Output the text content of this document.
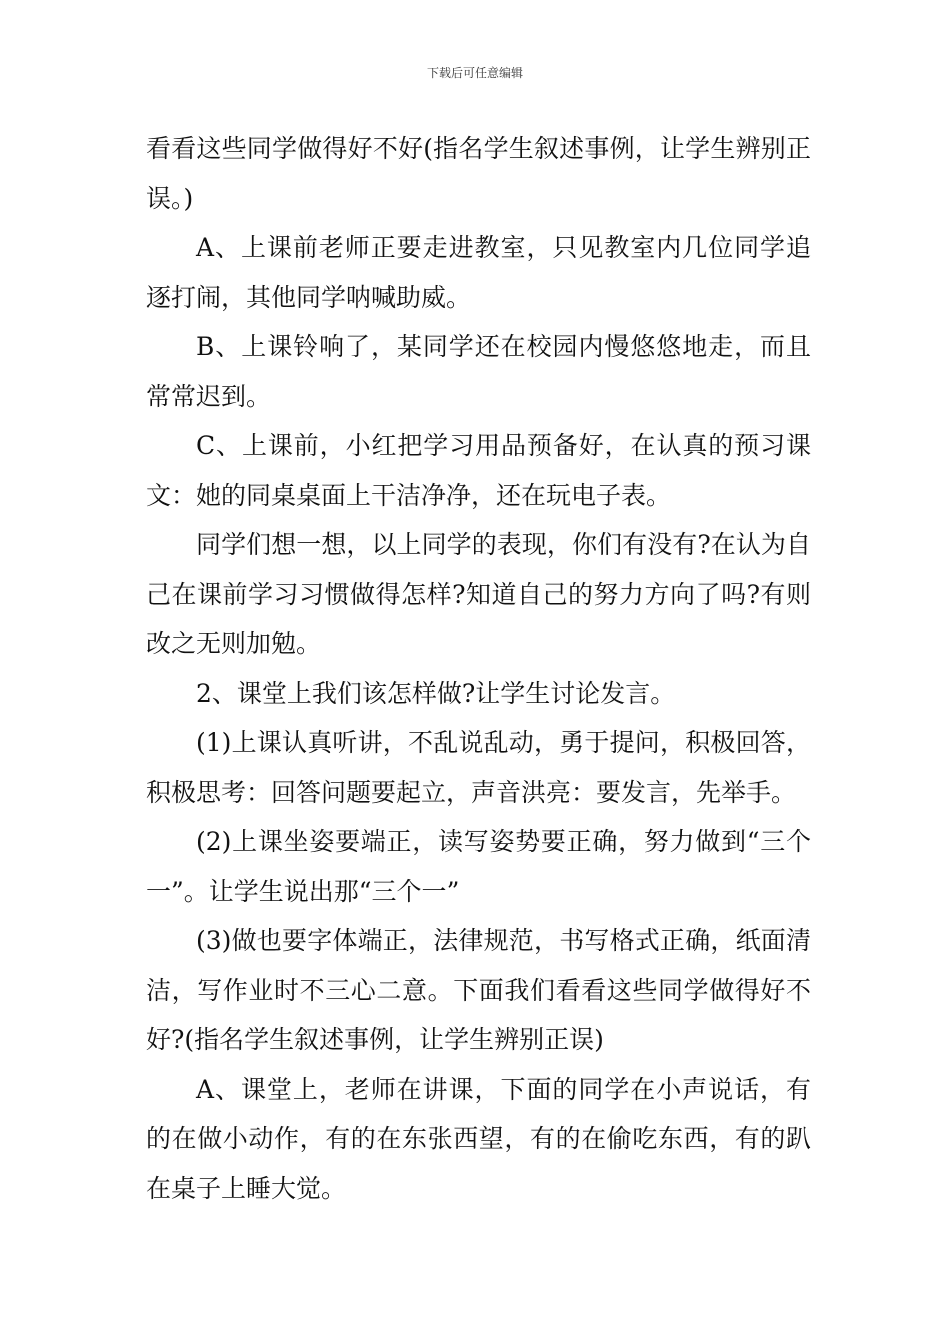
下载后可任意编辑

看看这些同学做得好不好(指名学生叙述事例，让学生辨别正误。)

A、上课前老师正要走进教室，只见教室内几位同学追逐打闹，其他同学呐喊助威。

B、上课铃响了，某同学还在校园内慢悠悠地走，而且常常迟到。

C、上课前，小红把学习用品预备好，在认真的预习课文：她的同桌桌面上干洁净净，还在玩电子表。

同学们想一想，以上同学的表现，你们有没有?在认为自己在课前学习习惯做得怎样?知道自己的努力方向了吗?有则改之无则加勉。

2、课堂上我们该怎样做?让学生讨论发言。

(1)上课认真听讲，不乱说乱动，勇于提问，积极回答，积极思考：回答问题要起立，声音洪亮：要发言，先举手。

(2)上课坐姿要端正，读写姿势要正确，努力做到“三个一”。让学生说出那“三个一”

(3)做也要字体端正，法律规范，书写格式正确，纸面清洁，写作业时不三心二意。下面我们看看这些同学做得好不好?(指名学生叙述事例，让学生辨别正误)

A、课堂上，老师在讲课，下面的同学在小声说话，有的在做小动作，有的在东张西望，有的在偷吃东西，有的趴在桌子上睡大觉。
